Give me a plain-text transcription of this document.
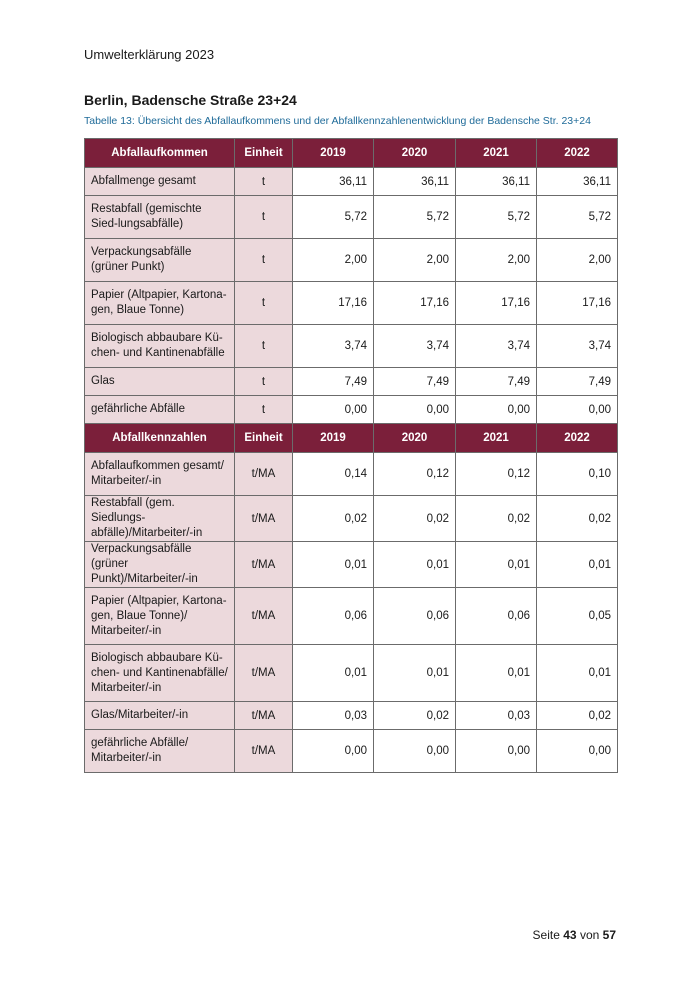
Umwelterklärung 2023
Berlin, Badensche Straße 23+24
Tabelle 13: Übersicht des Abfallaufkommens und der Abfallkennzahlenentwicklung der Badensche Str. 23+24
Abfallaufkommen	Einheit	2019	2020	2021	2022
Abfallmenge gesamt	t	36,11	36,11	36,11	36,11
Restabfall (gemischte Sied-lungsabfälle)	t	5,72	5,72	5,72	5,72
Verpackungsabfälle (grüner Punkt)	t	2,00	2,00	2,00	2,00
Papier (Altpapier, Kartona-gen, Blaue Tonne)	t	17,16	17,16	17,16	17,16
Biologisch abbaubare Kü-chen- und Kantinenabfälle	t	3,74	3,74	3,74	3,74
Glas	t	7,49	7,49	7,49	7,49
gefährliche Abfälle	t	0,00	0,00	0,00	0,00
Abfallkennzahlen	Einheit	2019	2020	2021	2022
Abfallaufkommen gesamt/ Mitarbeiter/-in	t/MA	0,14	0,12	0,12	0,10
Restabfall (gem. Siedlungs-abfälle)/Mitarbeiter/-in	t/MA	0,02	0,02	0,02	0,02
Verpackungsabfälle (grüner Punkt)/Mitarbeiter/-in	t/MA	0,01	0,01	0,01	0,01
Papier (Altpapier, Kartona-gen, Blaue Tonne)/ Mitarbeiter/-in	t/MA	0,06	0,06	0,06	0,05
Biologisch abbaubare Kü-chen- und Kantinenabfälle/ Mitarbeiter/-in	t/MA	0,01	0,01	0,01	0,01
Glas/Mitarbeiter/-in	t/MA	0,03	0,02	0,03	0,02
gefährliche Abfälle/ Mitarbeiter/-in	t/MA	0,00	0,00	0,00	0,00
Seite 43 von 57
